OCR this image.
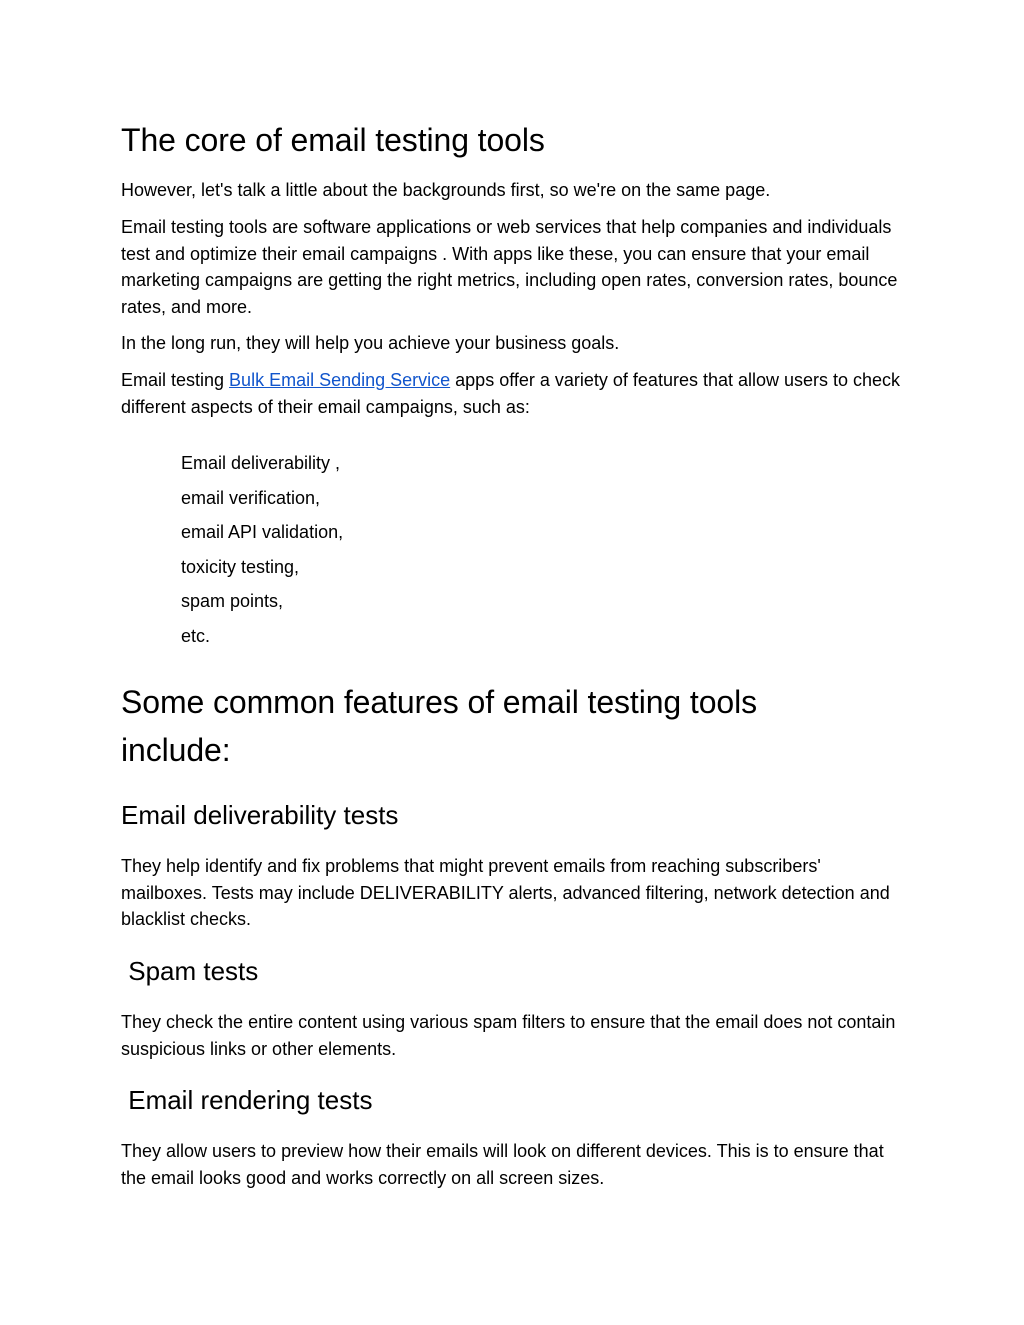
The core of email testing tools

However, let's talk a little about the backgrounds first, so we're on the same page.

Email testing tools are software applications or web services that help companies and individuals test and optimize their email campaigns . With apps like these, you can ensure that your email marketing campaigns are getting the right metrics, including open rates, conversion rates, bounce rates, and more.

In the long run, they will help you achieve your business goals.

Email testing Bulk Email Sending Service apps offer a variety of features that allow users to check different aspects of their email campaigns, such as:

Email deliverability ,
email verification,
email API validation,
toxicity testing,
spam points,
etc.
Some common features of email testing tools include:
Email deliverability tests

They help identify and fix problems that might prevent emails from reaching subscribers' mailboxes. Tests may include DELIVERABILITY alerts, advanced filtering, network detection and blacklist checks.

Spam tests

They check the entire content using various spam filters to ensure that the email does not contain suspicious links or other elements.

Email rendering tests

They allow users to preview how their emails will look on different devices. This is to ensure that the email looks good and works correctly on all screen sizes.
